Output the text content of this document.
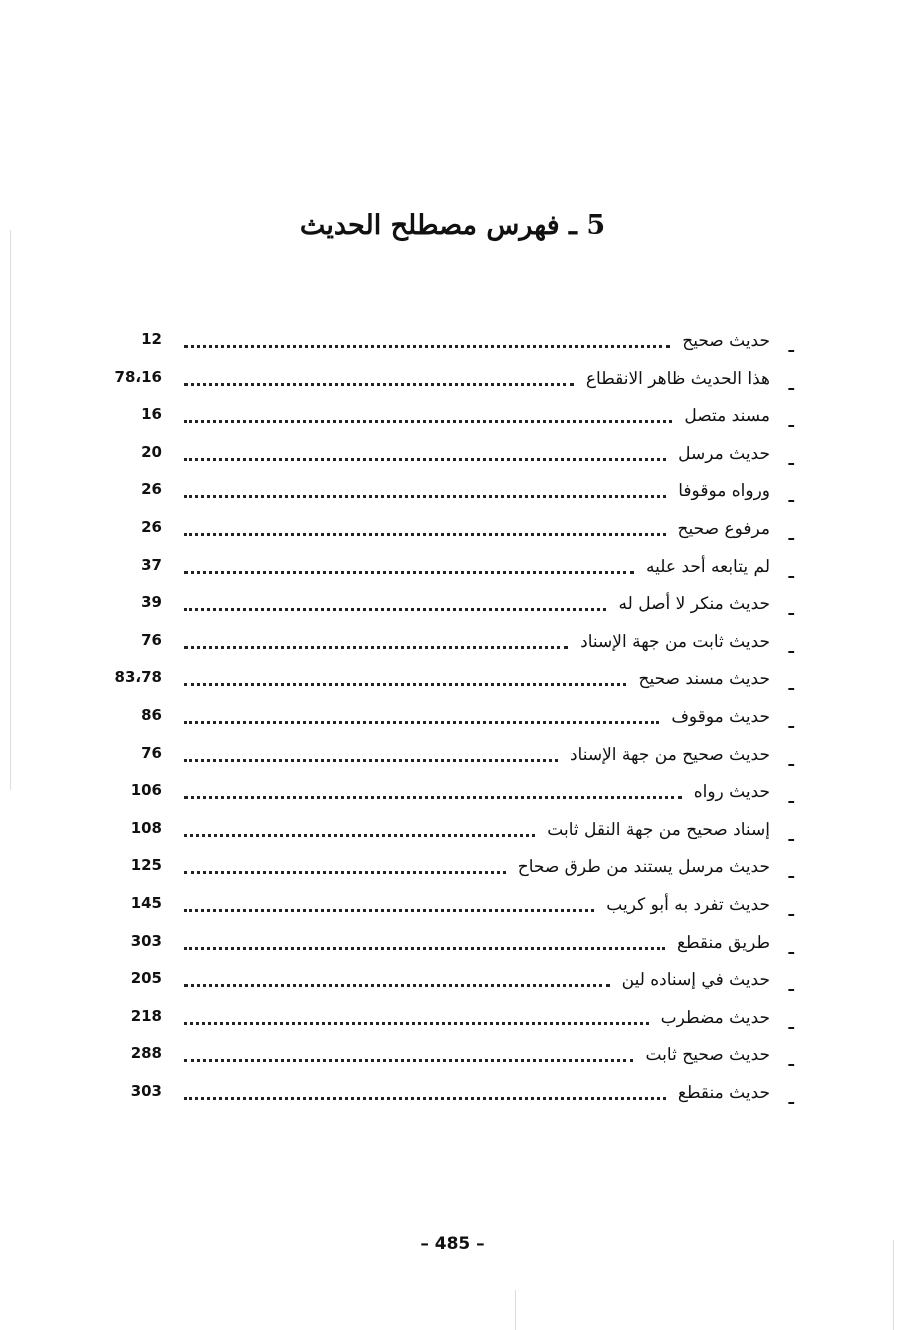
5 ـ فهرس مصطلح الحديث
12	حديث صحيح ـ
78،16	هذا الحديث ظاهر الانقطاع ـ
16	مسند متصل ـ
20	حديث مرسل ـ
26	ورواه موقوفا ـ
26	مرفوع صحيح ـ
37	لم يتابعه أحد عليه ـ
39	حديث منكر لا أصل له ـ
76	حديث ثابت من جهة الإسناد ـ
83،78	حديث مسند صحيح ـ
86	حديث موقوف ـ
76	حديث صحيح من جهة الإسناد ـ
106	حديث رواه ـ
108	إسناد صحيح من جهة النقل ثابت ـ
125	حديث مرسل يستند من طرق صحاح ـ
145	حديث تفرد به أبو كريب ـ
303	طريق منقطع ـ
205	حديث في إسناده لين ـ
218	حديث مضطرب ـ
288	حديث صحيح ثابت ـ
303	حديث منقطع ـ
– 485 –
